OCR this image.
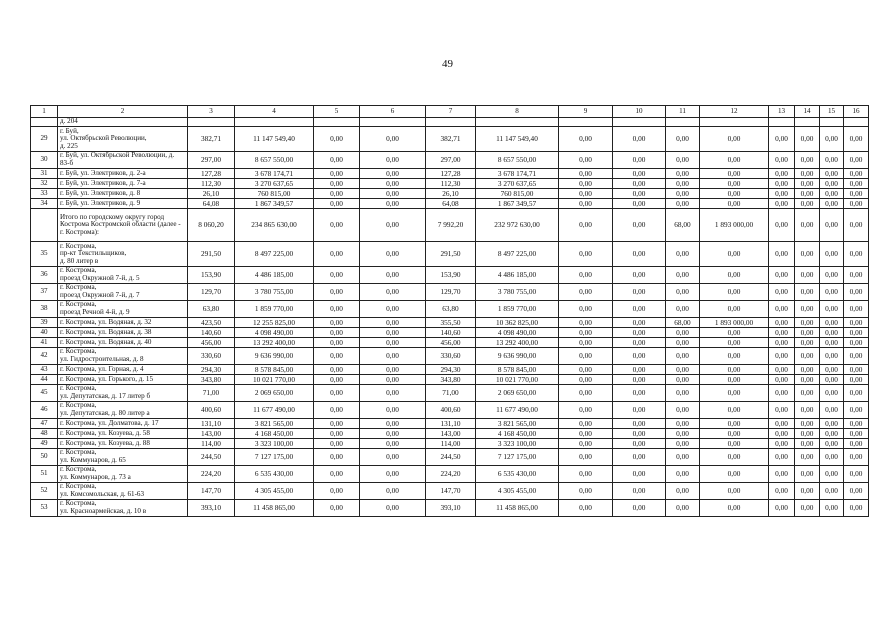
49
1	2	3	4	5	6	7	8	9	10	11	12	13	14	15	16
	д. 204														
29	г. Буй,
ул. Октябрьской Революции,
д. 225	382,71	11 147 549,40	0,00	0,00	382,71	11 147 549,40	0,00	0,00	0,00	0,00	0,00	0,00	0,00	0,00
30	г. Буй, ул. Октябрьской Революции, д. 83-б	297,00	8 657 550,00	0,00	0,00	297,00	8 657 550,00	0,00	0,00	0,00	0,00	0,00	0,00	0,00	0,00
31	г. Буй, ул. Электриков, д. 2-а	127,28	3 678 174,71	0,00	0,00	127,28	3 678 174,71	0,00	0,00	0,00	0,00	0,00	0,00	0,00	0,00
32	г. Буй, ул. Электриков, д. 7-а	112,30	3 270 637,65	0,00	0,00	112,30	3 270 637,65	0,00	0,00	0,00	0,00	0,00	0,00	0,00	0,00
33	г. Буй, ул. Электриков, д. 8	26,10	760 815,00	0,00	0,00	26,10	760 815,00	0,00	0,00	0,00	0,00	0,00	0,00	0,00	0,00
34	г. Буй, ул. Электриков, д. 9	64,08	1 867 349,57	0,00	0,00	64,08	1 867 349,57	0,00	0,00	0,00	0,00	0,00	0,00	0,00	0,00
	Итого по городскому округу город Кострома Костромской области (далее - г. Кострома):	8 060,20	234 865 630,00	0,00	0,00	7 992,20	232 972 630,00	0,00	0,00	68,00	1 893 000,00	0,00	0,00	0,00	0,00
35	г. Кострома,
пр-кт Текстильщиков,
д. 80 литер в	291,50	8 497 225,00	0,00	0,00	291,50	8 497 225,00	0,00	0,00	0,00	0,00	0,00	0,00	0,00	0,00
36	г. Кострома,
проезд Окружной 7-й, д. 5	153,90	4 486 185,00	0,00	0,00	153,90	4 486 185,00	0,00	0,00	0,00	0,00	0,00	0,00	0,00	0,00
37	г. Кострома,
проезд Окружной 7-й, д. 7	129,70	3 780 755,00	0,00	0,00	129,70	3 780 755,00	0,00	0,00	0,00	0,00	0,00	0,00	0,00	0,00
38	г. Кострома,
проезд Речной 4-й, д. 9	63,80	1 859 770,00	0,00	0,00	63,80	1 859 770,00	0,00	0,00	0,00	0,00	0,00	0,00	0,00	0,00
39	г. Кострома, ул. Водяная, д. 32	423,50	12 255 825,00	0,00	0,00	355,50	10 362 825,00	0,00	0,00	68,00	1 893 000,00	0,00	0,00	0,00	0,00
40	г. Кострома, ул. Водяная, д. 38	140,60	4 098 490,00	0,00	0,00	140,60	4 098 490,00	0,00	0,00	0,00	0,00	0,00	0,00	0,00	0,00
41	г. Кострома, ул. Водяная, д. 40	456,00	13 292 400,00	0,00	0,00	456,00	13 292 400,00	0,00	0,00	0,00	0,00	0,00	0,00	0,00	0,00
42	г. Кострома,
ул. Гидростроительная, д. 8	330,60	9 636 990,00	0,00	0,00	330,60	9 636 990,00	0,00	0,00	0,00	0,00	0,00	0,00	0,00	0,00
43	г. Кострома, ул. Горная, д. 4	294,30	8 578 845,00	0,00	0,00	294,30	8 578 845,00	0,00	0,00	0,00	0,00	0,00	0,00	0,00	0,00
44	г. Кострома, ул. Горького, д. 15	343,80	10 021 770,00	0,00	0,00	343,80	10 021 770,00	0,00	0,00	0,00	0,00	0,00	0,00	0,00	0,00
45	г. Кострома,
ул. Депутатская, д. 17 литер б	71,00	2 069 650,00	0,00	0,00	71,00	2 069 650,00	0,00	0,00	0,00	0,00	0,00	0,00	0,00	0,00
46	г. Кострома,
ул. Депутатская, д. 80 литер а	400,60	11 677 490,00	0,00	0,00	400,60	11 677 490,00	0,00	0,00	0,00	0,00	0,00	0,00	0,00	0,00
47	г. Кострома, ул. Долматова, д. 17	131,10	3 821 565,00	0,00	0,00	131,10	3 821 565,00	0,00	0,00	0,00	0,00	0,00	0,00	0,00	0,00
48	г. Кострома, ул. Козуева, д. 58	143,00	4 168 450,00	0,00	0,00	143,00	4 168 450,00	0,00	0,00	0,00	0,00	0,00	0,00	0,00	0,00
49	г. Кострома, ул. Козуева, д. 88	114,00	3 323 100,00	0,00	0,00	114,00	3 323 100,00	0,00	0,00	0,00	0,00	0,00	0,00	0,00	0,00
50	г. Кострома,
ул. Коммунаров, д. 65	244,50	7 127 175,00	0,00	0,00	244,50	7 127 175,00	0,00	0,00	0,00	0,00	0,00	0,00	0,00	0,00
51	г. Кострома,
ул. Коммунаров, д. 73 а	224,20	6 535 430,00	0,00	0,00	224,20	6 535 430,00	0,00	0,00	0,00	0,00	0,00	0,00	0,00	0,00
52	г. Кострома,
ул. Комсомольская, д. 61-63	147,70	4 305 455,00	0,00	0,00	147,70	4 305 455,00	0,00	0,00	0,00	0,00	0,00	0,00	0,00	0,00
53	г. Кострома,
ул. Красноармейская, д. 10 в	393,10	11 458 865,00	0,00	0,00	393,10	11 458 865,00	0,00	0,00	0,00	0,00	0,00	0,00	0,00	0,00
